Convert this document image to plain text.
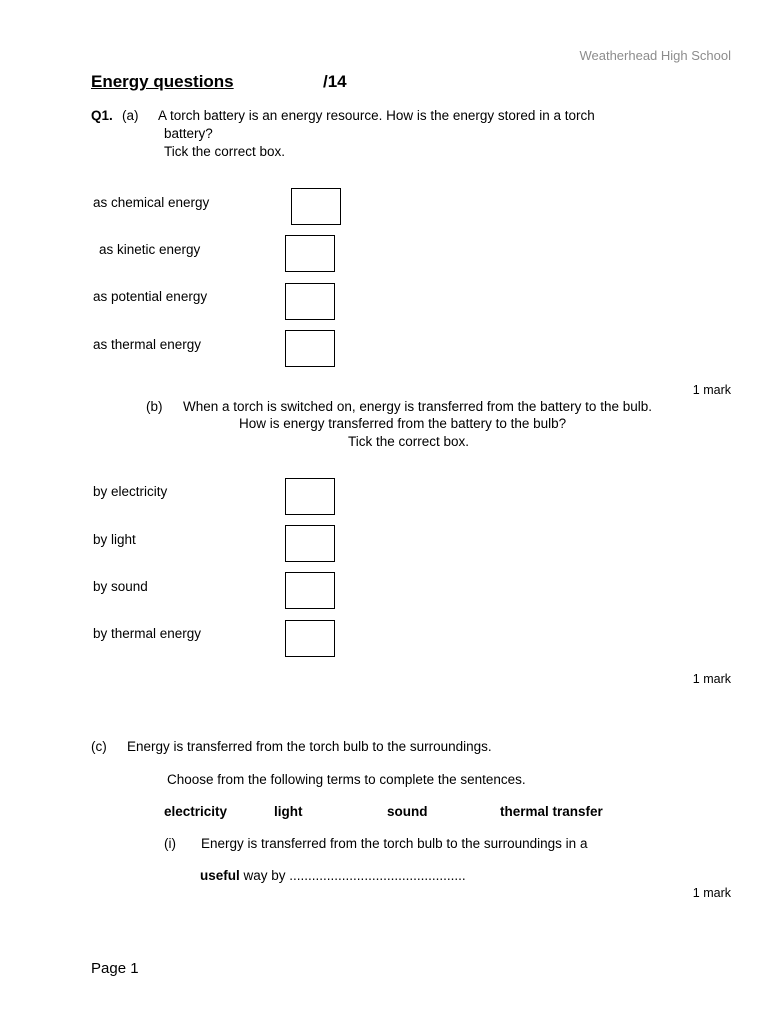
Weatherhead High School
Energy questions	/14
Q1. (a) A torch battery is an energy resource. How is the energy stored in a torch
battery?
Tick the correct box.
as chemical energy
as kinetic energy
as potential energy
as thermal energy
1 mark
(b) When a torch is switched on, energy is transferred from the battery to the bulb.
How is energy transferred from the battery to the bulb?
Tick the correct box.
by electricity
by light
by sound
by thermal energy
1 mark
(c) Energy is transferred from the torch bulb to the surroundings.
Choose from the following terms to complete the sentences.
electricity	light	sound	thermal transfer
(i) Energy is transferred from the torch bulb to the surroundings in a
useful way by ...............................................
1 mark
Page 1
